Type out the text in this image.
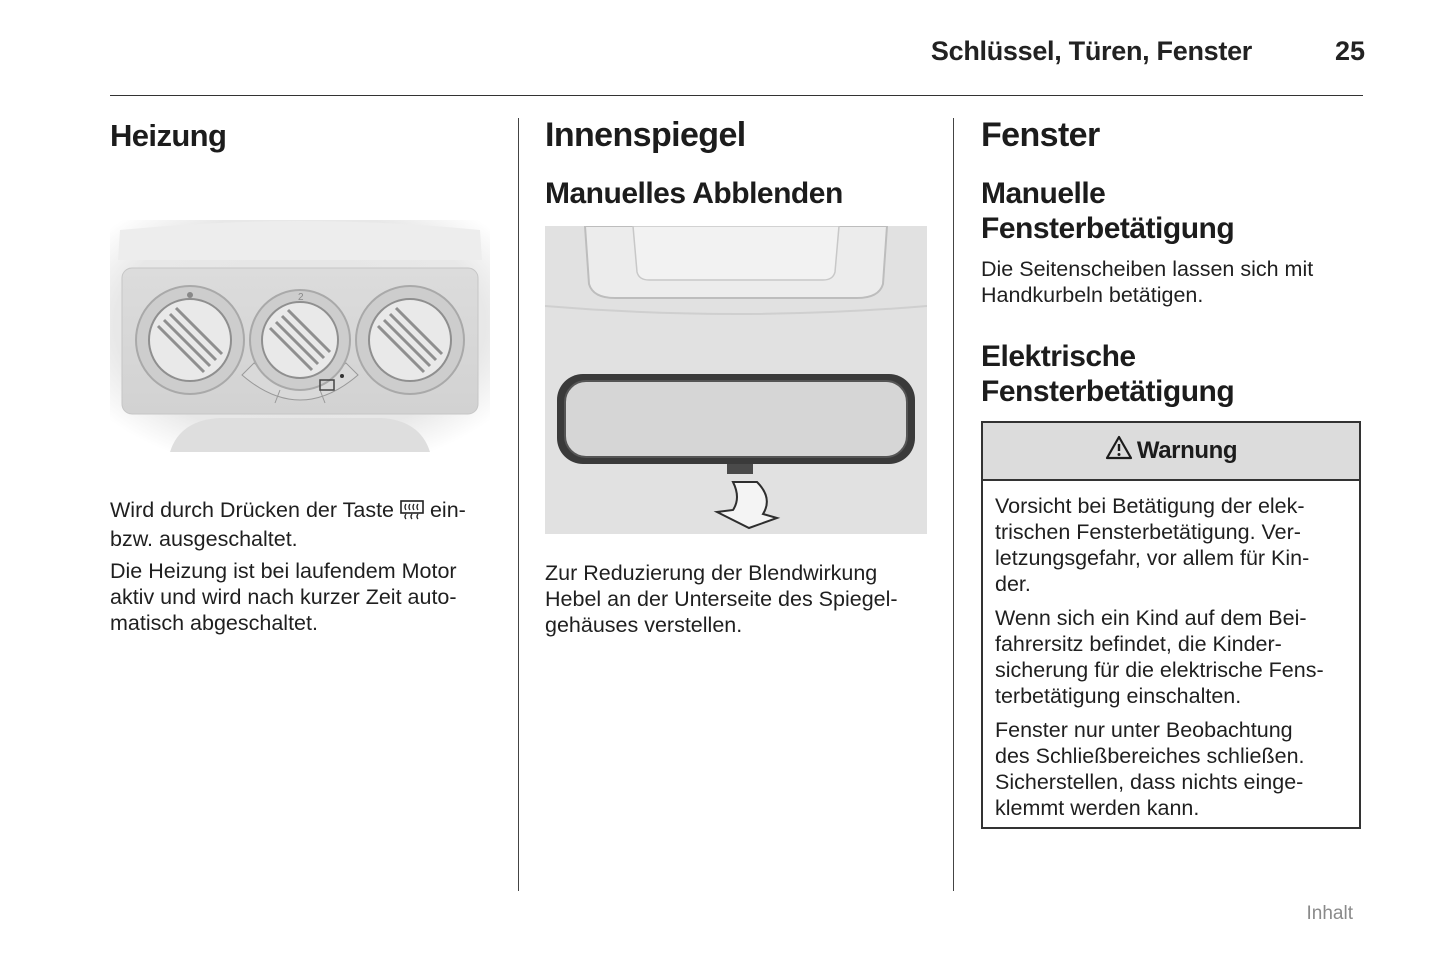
Schlüssel, Türen, Fenster	25
Heizung
2

Wird durch Drücken der Taste ein-
bzw. ausgeschaltet.

Die Heizung ist bei laufendem Motor
aktiv und wird nach kurzer Zeit auto-
matisch abgeschaltet.

Innenspiegel
Manuelles Abblenden

Zur Reduzierung der Blendwirkung
Hebel an der Unterseite des Spiegel-
gehäuses verstellen.

Fenster
Manuelle
Fensterbetätigung

Die Seitenscheiben lassen sich mit
Handkurbeln betätigen.

Elektrische
Fensterbetätigung
Warnung

Vorsicht bei Betätigung der elek-
trischen Fensterbetätigung. Ver-
letzungsgefahr, vor allem für Kin-
der.

Wenn sich ein Kind auf dem Bei-
fahrersitz befindet, die Kinder-
sicherung für die elektrische Fens-
terbetätigung einschalten.

Fenster nur unter Beobachtung
des Schließbereiches schließen.
Sicherstellen, dass nichts einge-
klemmt werden kann.

Inhalt
